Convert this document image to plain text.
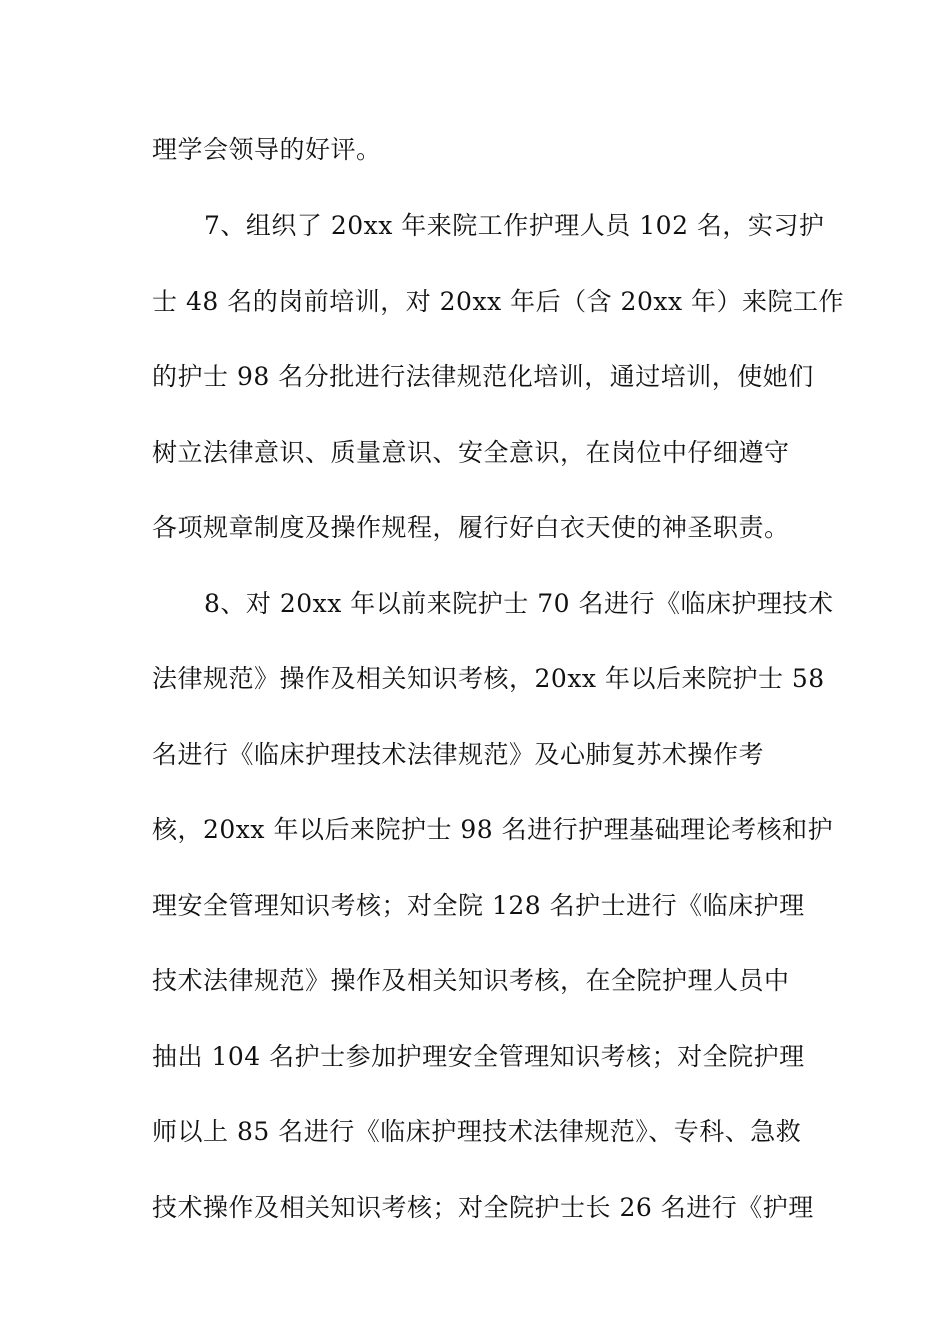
理学会领导的好评。
7、组织了 20xx 年来院工作护理人员 102 名，实习护
士 48 名的岗前培训，对 20xx 年后（含 20xx 年）来院工作
的护士 98 名分批进行法律规范化培训，通过培训，使她们
树立法律意识、质量意识、安全意识，在岗位中仔细遵守
各项规章制度及操作规程，履行好白衣天使的神圣职责。
8、对 20xx 年以前来院护士 70 名进行《临床护理技术
法律规范》操作及相关知识考核，20xx 年以后来院护士 58
名进行《临床护理技术法律规范》及心肺复苏术操作考
核，20xx 年以后来院护士 98 名进行护理基础理论考核和护
理安全管理知识考核；对全院 128 名护士进行《临床护理
技术法律规范》操作及相关知识考核，在全院护理人员中
抽出 104 名护士参加护理安全管理知识考核；对全院护理
师以上 85 名进行《临床护理技术法律规范》、专科、急救
技术操作及相关知识考核；对全院护士长 26 名进行《护理
